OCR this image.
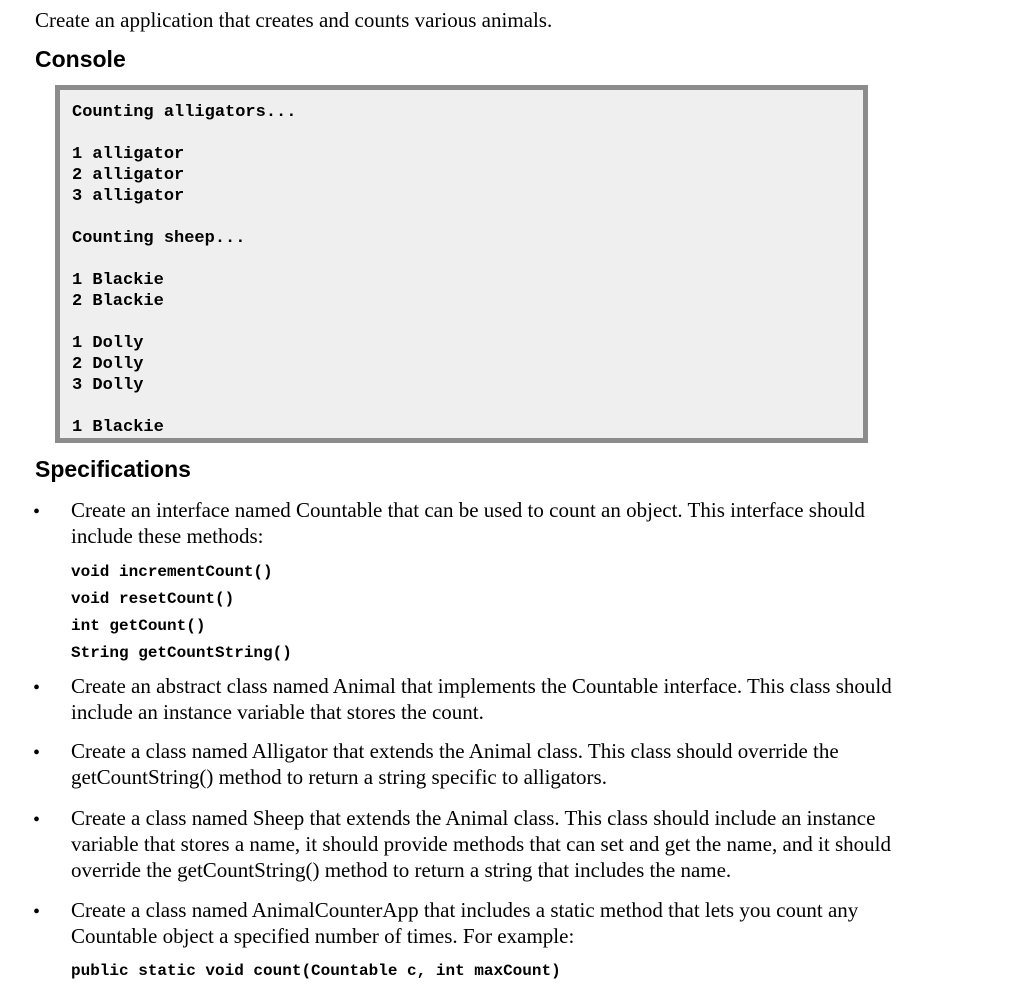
Create an application that creates and counts various animals.
Console
Counting alligators...
1 alligator
2 alligator
3 alligator
Counting sheep...
1 Blackie
2 Blackie
1 Dolly
2 Dolly
3 Dolly
1 Blackie
Specifications
• Create an interface named Countable that can be used to count an object. This interface should
include these methods:
void incrementCount()
void resetCount()
int getCount()
String getCountString()
• Create an abstract class named Animal that implements the Countable interface. This class should
include an instance variable that stores the count.
• Create a class named Alligator that extends the Animal class. This class should override the
getCountString() method to return a string specific to alligators.
• Create a class named Sheep that extends the Animal class. This class should include an instance
variable that stores a name, it should provide methods that can set and get the name, and it should
override the getCountString() method to return a string that includes the name.
• Create a class named AnimalCounterApp that includes a static method that lets you count any
Countable object a specified number of times. For example:
public static void count(Countable c, int maxCount)
